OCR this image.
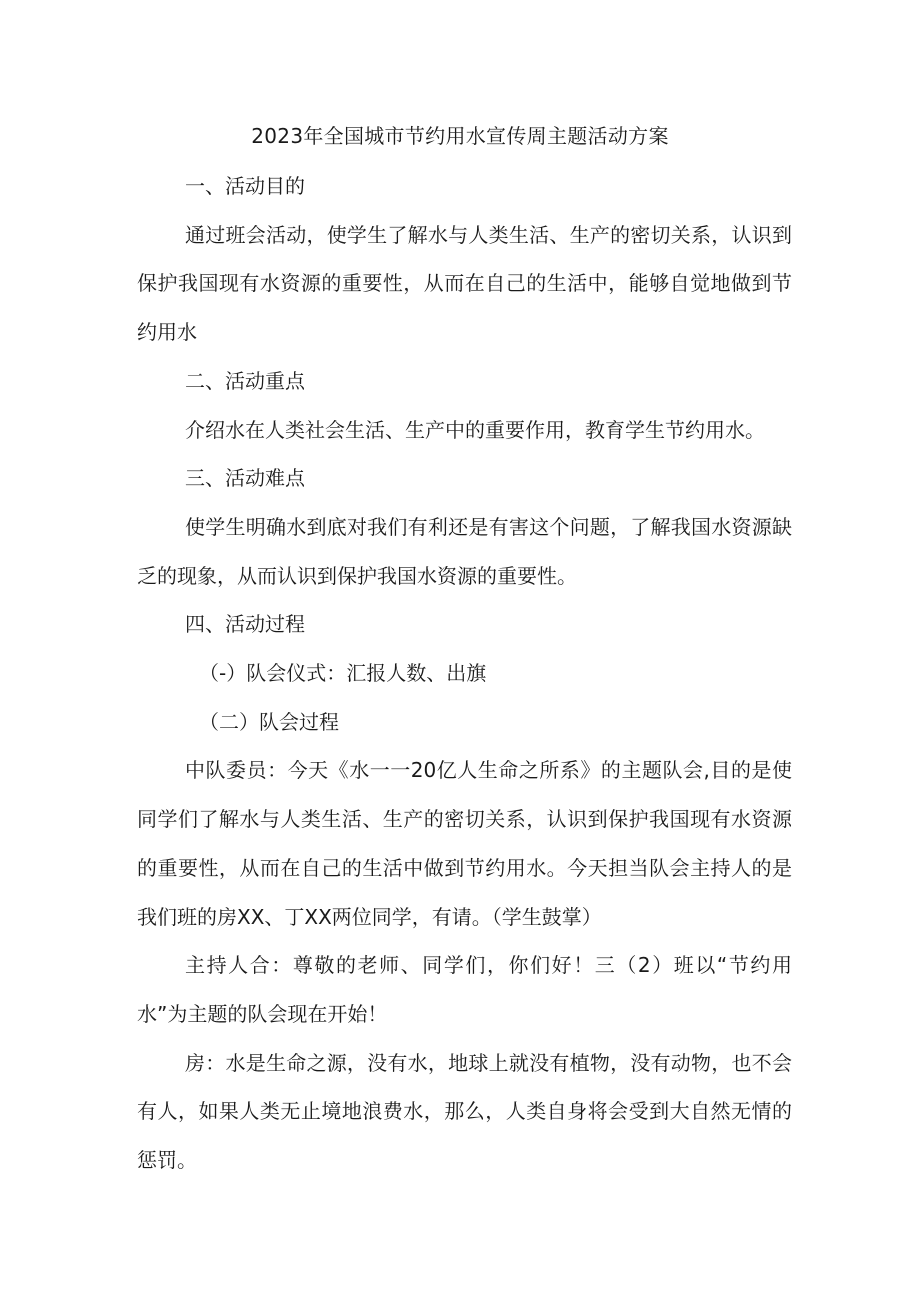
2023年全国城市节约用水宣传周主题活动方案

一、活动目的

通过班会活动，使学生了解水与人类生活、生产的密切关系，认识到保护我国现有水资源的重要性，从而在自己的生活中，能够自觉地做到节约用水

二、活动重点

介绍水在人类社会生活、生产中的重要作用，教育学生节约用水。

三、活动难点

使学生明确水到底对我们有利还是有害这个问题，了解我国水资源缺乏的现象，从而认识到保护我国水资源的重要性。

四、活动过程

（-）队会仪式：汇报人数、出旗

（二）队会过程

中队委员：今天《水一一20亿人生命之所系》的主题队会,目的是使同学们了解水与人类生活、生产的密切关系，认识到保护我国现有水资源的重要性，从而在自己的生活中做到节约用水。今天担当队会主持人的是我们班的房XX、丁XX两位同学，有请。（学生鼓掌）

主持人合：尊敬的老师、同学们，你们好！三（2）班以“节约用水”为主题的队会现在开始！

房：水是生命之源，没有水，地球上就没有植物，没有动物，也不会有人，如果人类无止境地浪费水，那么，人类自身将会受到大自然无情的惩罚。
